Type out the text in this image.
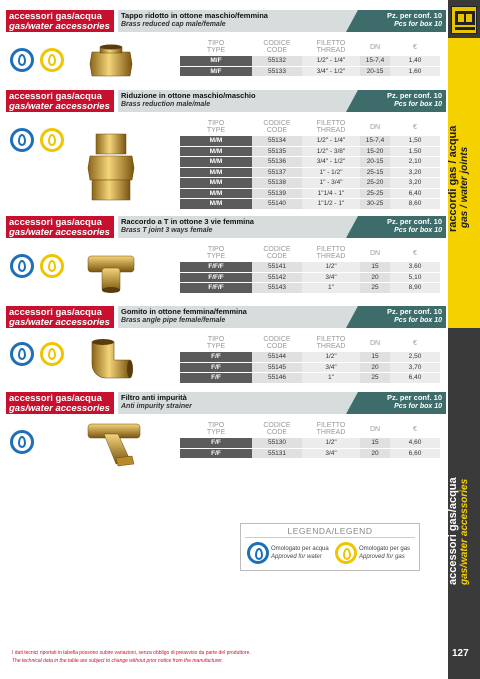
raccordi gas / acqua gas / water joints
accessori gas/acqua gas/water accessories
accessori gas/acqua
gas/water accessories
Tappo ridotto in ottone maschio/femmina
Brass reduced cap male/female
Pz. per conf. 10
Pcs for box 10
TIPO
TYPE	CODICE
CODE	FILETTO
THREAD	DN	€
M/F	55132	1/2" - 1/4"	15-7,4	1,40
M/F	55133	3/4" - 1/2"	20-15	1,60
accessori gas/acqua
gas/water accessories
Riduzione in ottone maschio/maschio
Brass reduction male/male
Pz. per conf. 10
Pcs for box 10
TIPO
TYPE	CODICE
CODE	FILETTO
THREAD	DN	€
M/M	55134	1/2" - 1/4"	15-7,4	1,50
M/M	55135	1/2" - 3/8"	15-20	1,50
M/M	55136	3/4" - 1/2"	20-15	2,10
M/M	55137	1" - 1/2"	25-15	3,20
M/M	55138	1" - 3/4"	25-20	3,20
M/M	55139	1"1/4 - 1"	25-25	6,40
M/M	55140	1"1/2 - 1"	30-25	8,60
accessori gas/acqua
gas/water accessories
Raccordo a T in ottone 3 vie femmina
Brass T joint 3 ways female
Pz. per conf. 10
Pcs for box 10
TIPO
TYPE	CODICE
CODE	FILETTO
THREAD	DN	€
F/F/F	55141	1/2"	15	3,60
F/F/F	55142	3/4"	20	5,10
F/F/F	55143	1"	25	8,90
accessori gas/acqua
gas/water accessories
Gomito in ottone femmina/femmina
Brass angle pipe female/female
Pz. per conf. 10
Pcs for box 10
TIPO
TYPE	CODICE
CODE	FILETTO
THREAD	DN	€
F/F	55144	1/2"	15	2,50
F/F	55145	3/4"	20	3,70
F/F	55146	1"	25	6,40
accessori gas/acqua
gas/water accessories
Filtro anti impurità
Anti impurity strainer
Pz. per conf. 10
Pcs for box 10
TIPO
TYPE	CODICE
CODE	FILETTO
THREAD	DN	€
F/F	55130	1/2"	15	4,60
F/F	55131	3/4"	20	6,60
LEGENDA/LEGEND
Omologato per acqua
Approved for water
Omologato per gas
Approved for gas
I dati tecnici riportati in tabella possono subire variazioni, senza obbligo di preavviso da parte del produttore.
The technical data in the table are subject to change without prior notice from the manufacturer.
127
